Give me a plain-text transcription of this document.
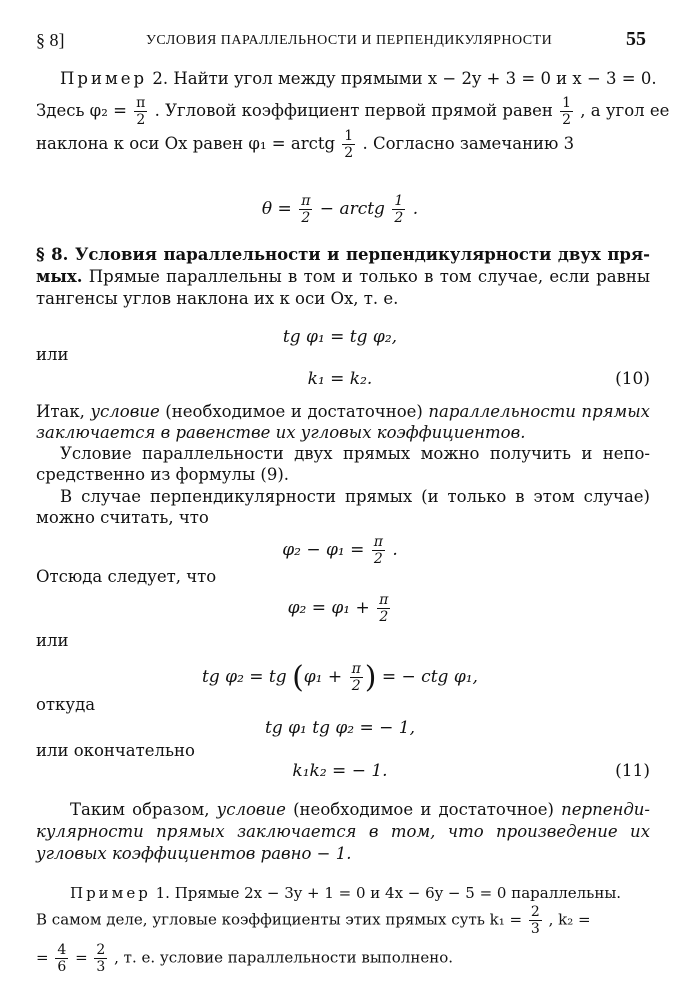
§ 8]	УСЛОВИЯ ПАРАЛЛЕЛЬНОСТИ И ПЕРПЕНДИКУЛЯРНОСТИ	55
Пример 2. Найти угол между прямыми x − 2y + 3 = 0 и x − 3 = 0.
Здесь $\varphi_2 = \frac{\pi}{2}$ . Угловой коэффициент первой прямой равен $\frac{1}{2}$ , а угол ее
наклона к оси Ox равен φ₁ = arctg $\frac{1}{2}$ . Согласно замечанию 3
$\theta = \frac{\pi}{2}$ − arctg $\frac{1}{2}$ .
§ 8. Условия параллельности и перпендикулярности двух пря-
мых. Прямые параллельны в том и только в том случае, если равны
тангенсы углов наклона их к оси Ox, т. е.
tg φ₁ = tg φ₂,
или
k₁ = k₂.	(10)
Итак, условие (необходимое и достаточное) параллельности прямых
заключается в равенстве их угловых коэффициентов.
Условие параллельности двух прямых можно получить и непо-
средственно из формулы (9).
В случае перпендикулярности прямых (и только в этом случае)
можно считать, что
$\varphi_2 - \varphi_1 = \frac{\pi}{2}$ .
Отсюда следует, что
$\varphi_2 = \varphi_1 + \frac{\pi}{2}$
или
tg φ₂ = tg ($\varphi_1 + \frac{\pi}{2}$ ) = − ctg φ₁,
откуда
tg φ₁ tg φ₂ = − 1,
или окончательно
k₁k₂ = − 1.	(11)
Таким образом, условие (необходимое и достаточное) перпенди-
кулярности прямых заключается в том, что произведение их
угловых коэффициентов равно − 1.
Пример 1. Прямые 2x − 3y + 1 = 0 и 4x − 6y − 5 = 0 параллельны.
В самом деле, угловые коэффициенты этих прямых суть $k_1 = \frac{2}{3}$ , k₂ =
= $\frac{4}{6} = \frac{2}{3}$ , т. е. условие параллельности выполнено.
